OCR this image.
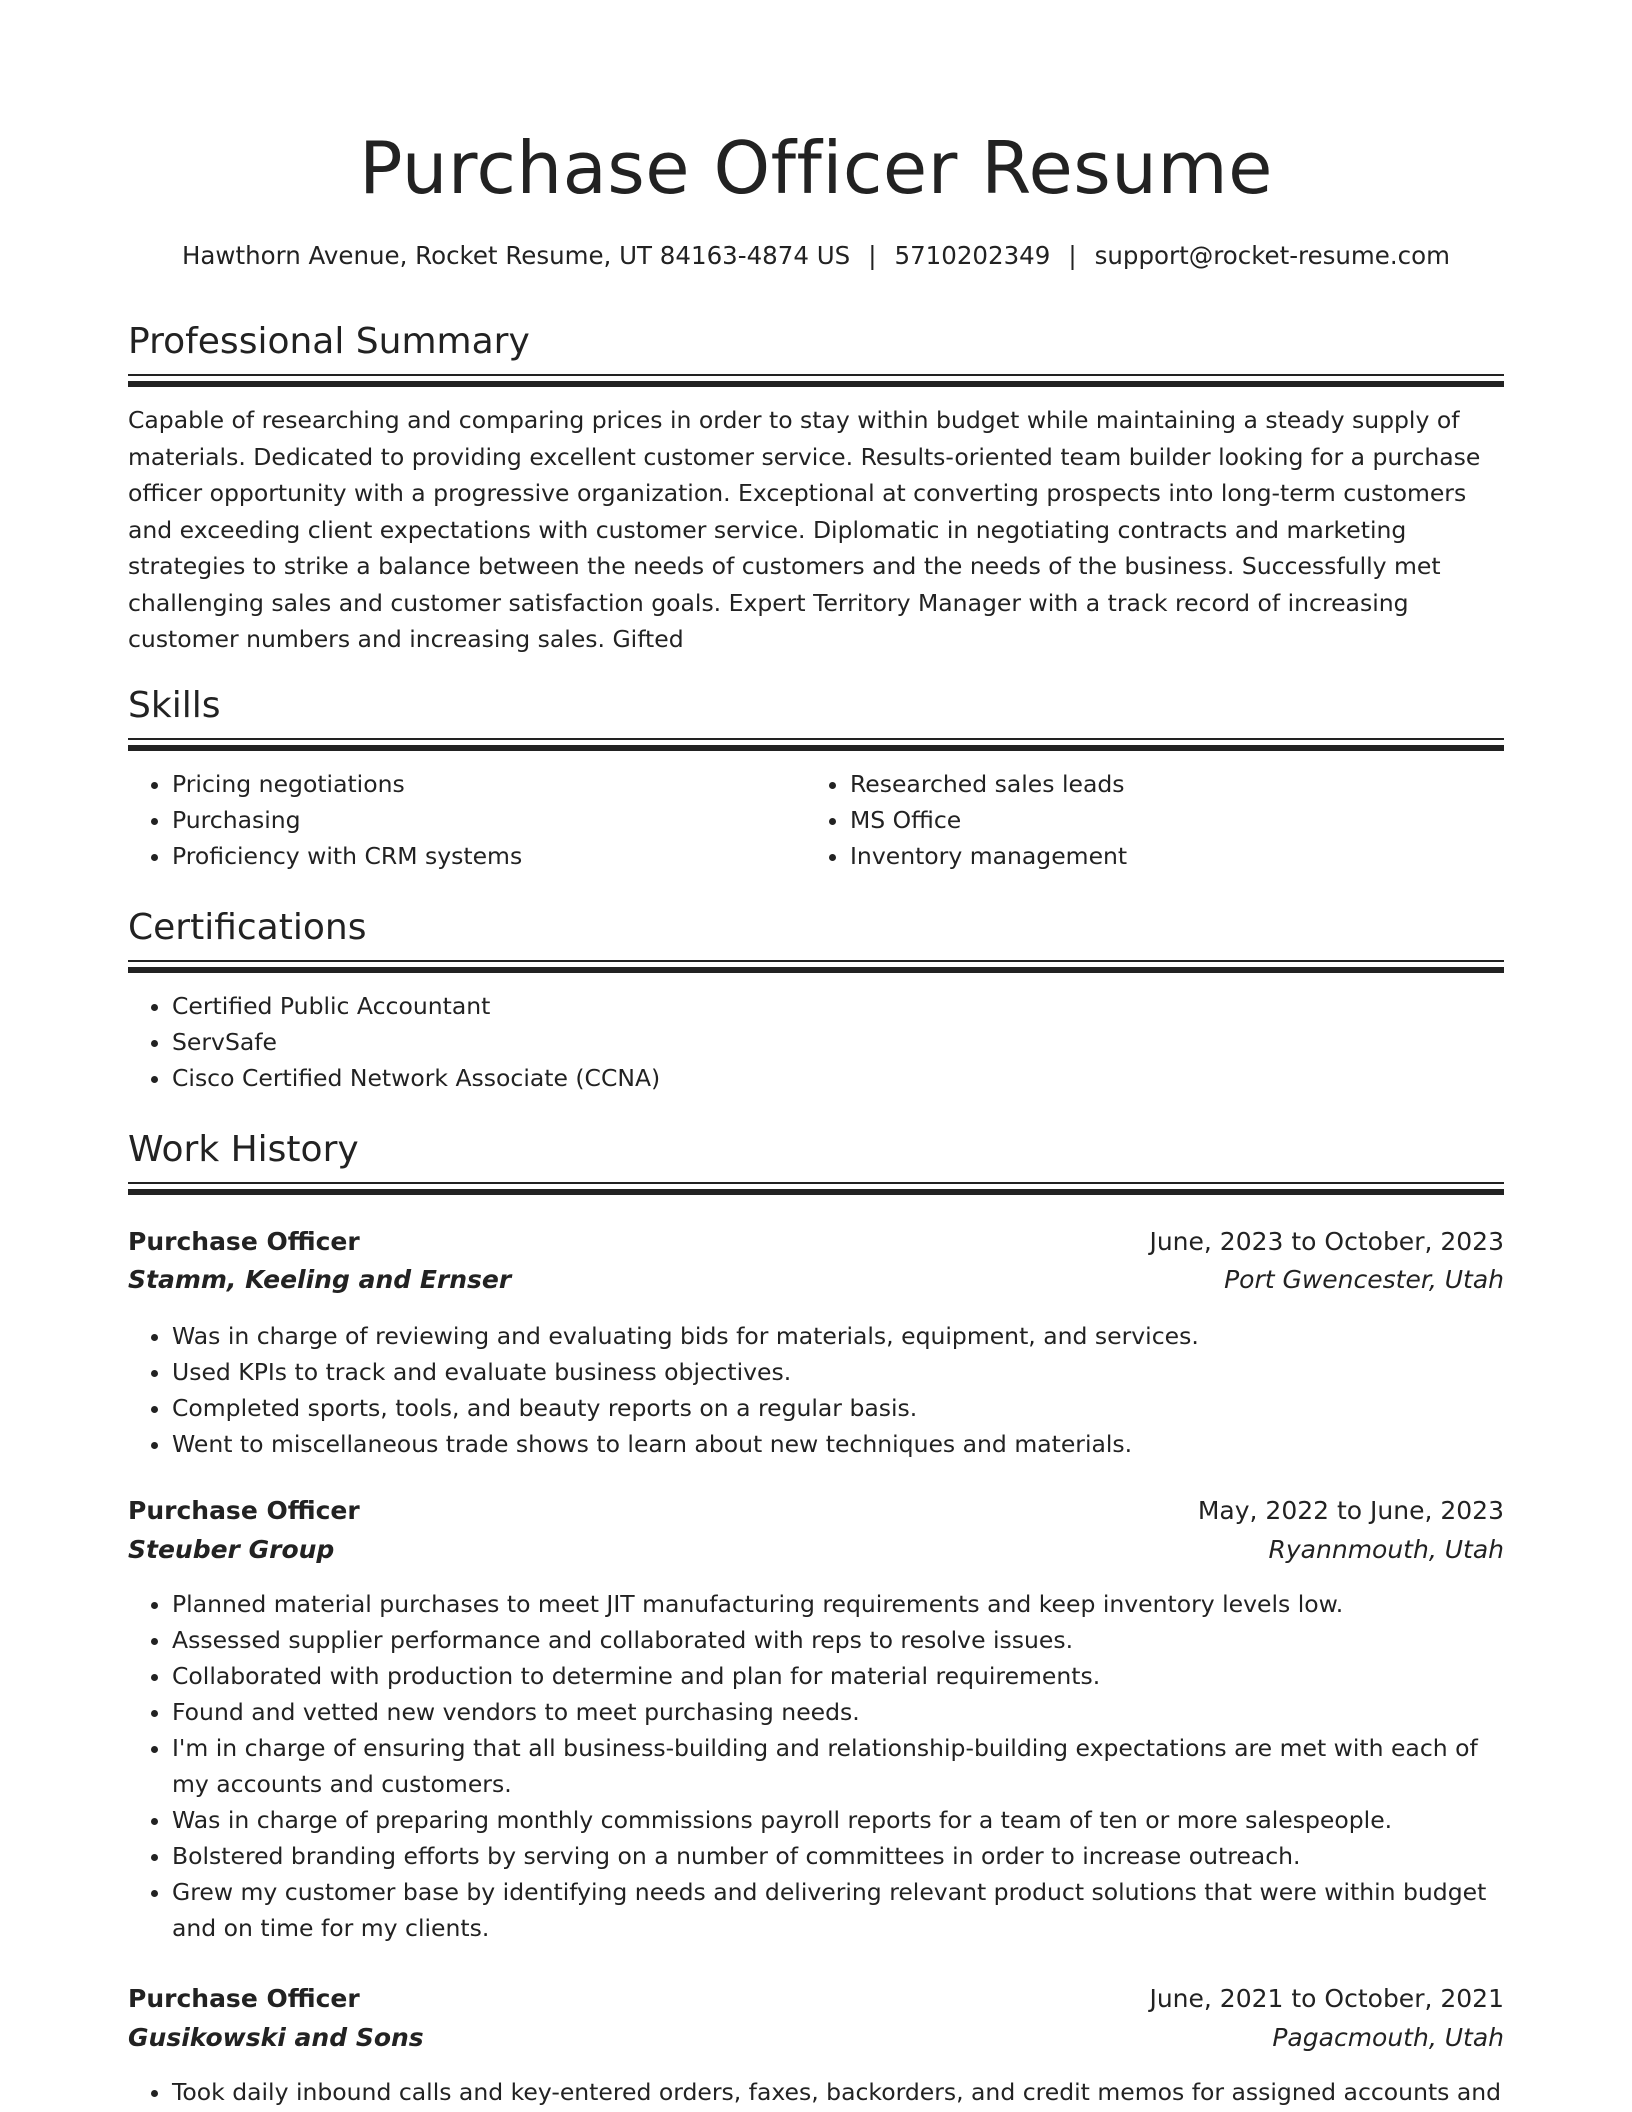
Purchase Officer Resume
Hawthorn Avenue, Rocket Resume, UT 84163-4874 US | 5710202349 | support@rocket-resume.com
Professional Summary

Capable of researching and comparing prices in order to stay within budget while maintaining a steady supply of materials. Dedicated to providing excellent customer service. Results-oriented team builder looking for a purchase officer opportunity with a progressive organization. Exceptional at converting prospects into long-term customers and exceeding client expectations with customer service. Diplomatic in negotiating contracts and marketing strategies to strike a balance between the needs of customers and the needs of the business. Successfully met challenging sales and customer satisfaction goals. Expert Territory Manager with a track record of increasing customer numbers and increasing sales. Gifted

Skills
• Pricing negotiations
• Purchasing
• Proficiency with CRM systems
• Researched sales leads
• MS Office
• Inventory management
Certifications
• Certified Public Accountant
• ServSafe
• Cisco Certified Network Associate (CCNA)
Work History
Purchase Officer	June, 2023 to October, 2023
Stamm, Keeling and Ernser	Port Gwencester, Utah
• Was in charge of reviewing and evaluating bids for materials, equipment, and services.
• Used KPIs to track and evaluate business objectives.
• Completed sports, tools, and beauty reports on a regular basis.
• Went to miscellaneous trade shows to learn about new techniques and materials.
Purchase Officer	May, 2022 to June, 2023
Steuber Group	Ryannmouth, Utah
• Planned material purchases to meet JIT manufacturing requirements and keep inventory levels low.
• Assessed supplier performance and collaborated with reps to resolve issues.
• Collaborated with production to determine and plan for material requirements.
• Found and vetted new vendors to meet purchasing needs.
• I'm in charge of ensuring that all business-building and relationship-building expectations are met with each of my accounts and customers.
• Was in charge of preparing monthly commissions payroll reports for a team of ten or more salespeople.
• Bolstered branding efforts by serving on a number of committees in order to increase outreach.
• Grew my customer base by identifying needs and delivering relevant product solutions that were within budget and on time for my clients.
Purchase Officer	June, 2021 to October, 2021
Gusikowski and Sons	Pagacmouth, Utah
• Took daily inbound calls and key-entered orders, faxes, backorders, and credit memos for assigned accounts and
